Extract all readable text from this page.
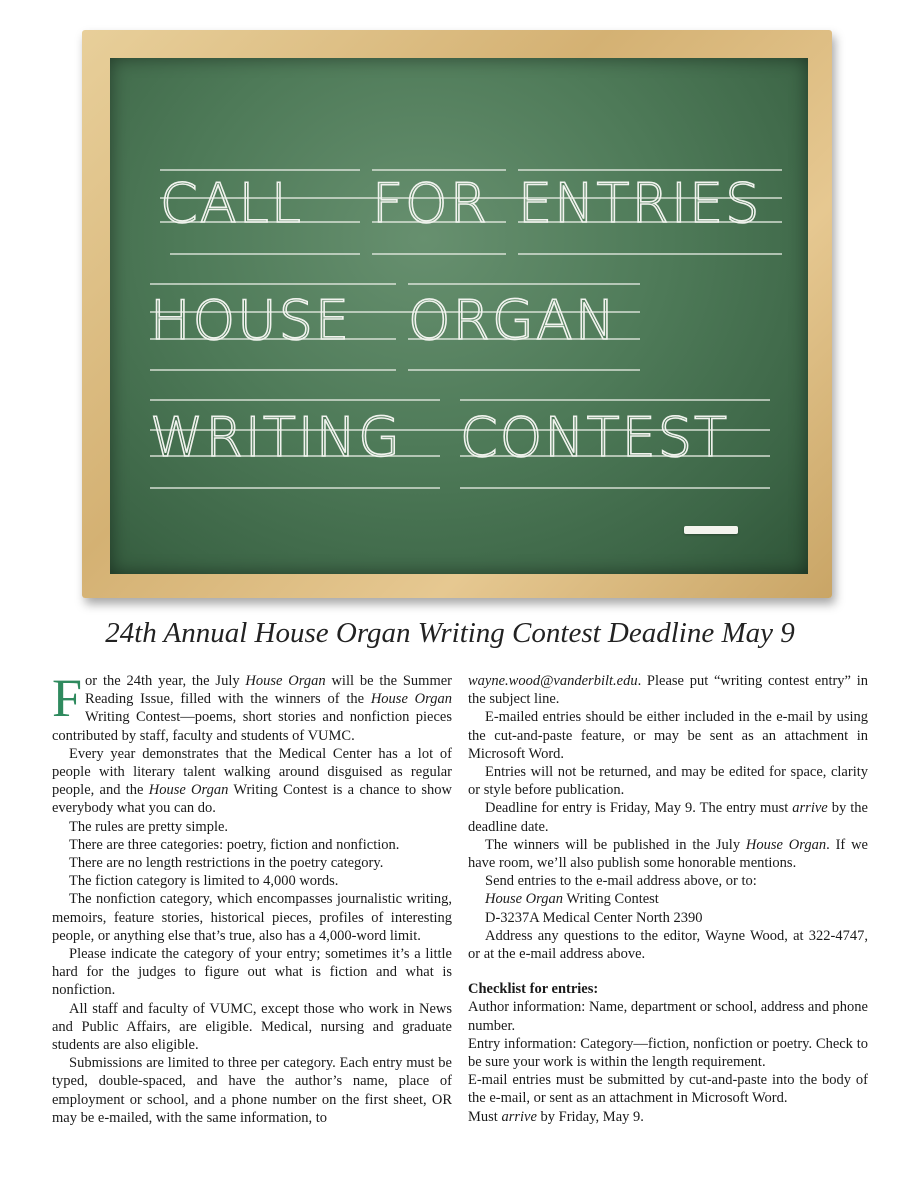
CALL FOR ENTRIES
HOUSE ORGAN
WRITING CONTEST
24th Annual House Organ Writing Contest Deadline May 9

For the 24th year, the July House Organ will be the Summer Reading Issue, filled with the winners of the House Organ Writing Contest—poems, short stories and nonfiction pieces contributed by staff, faculty and students of VUMC.

Every year demonstrates that the Medical Center has a lot of people with literary talent walking around disguised as regular people, and the House Organ Writing Contest is a chance to show everybody what you can do.

The rules are pretty simple.

There are three categories: poetry, fiction and nonfiction.

There are no length restrictions in the poetry category.

The fiction category is limited to 4,000 words.

The nonfiction category, which encompasses journalistic writing, memoirs, feature stories, historical pieces, profiles of interesting people, or anything else that’s true, also has a 4,000-word limit.

Please indicate the category of your entry; sometimes it’s a little hard for the judges to figure out what is fiction and what is nonfiction.

All staff and faculty of VUMC, except those who work in News and Public Affairs, are eligible. Medical, nursing and graduate students are also eligible.

Submissions are limited to three per category. Each entry must be typed, double-spaced, and have the author’s name, place of employment or school, and a phone number on the first sheet, OR may be e-mailed, with the same information, to

wayne.wood@vanderbilt.edu. Please put “writing contest entry” in the subject line.

E-mailed entries should be either included in the e-mail by using the cut-and-paste feature, or may be sent as an attachment in Microsoft Word.

Entries will not be returned, and may be edited for space, clarity or style before publication.

Deadline for entry is Friday, May 9. The entry must arrive by the deadline date.

The winners will be published in the July House Organ. If we have room, we’ll also publish some honorable mentions.

Send entries to the e-mail address above, or to:

House Organ Writing Contest

D-3237A Medical Center North 2390

Address any questions to the editor, Wayne Wood, at 322-4747, or at the e-mail address above.

Checklist for entries:

Author information: Name, department or school, address and phone number.

Entry information: Category—fiction, nonfiction or poetry. Check to be sure your work is within the length requirement.

E-mail entries must be submitted by cut-and-paste into the body of the e-mail, or sent as an attachment in Microsoft Word.

Must arrive by Friday, May 9.
